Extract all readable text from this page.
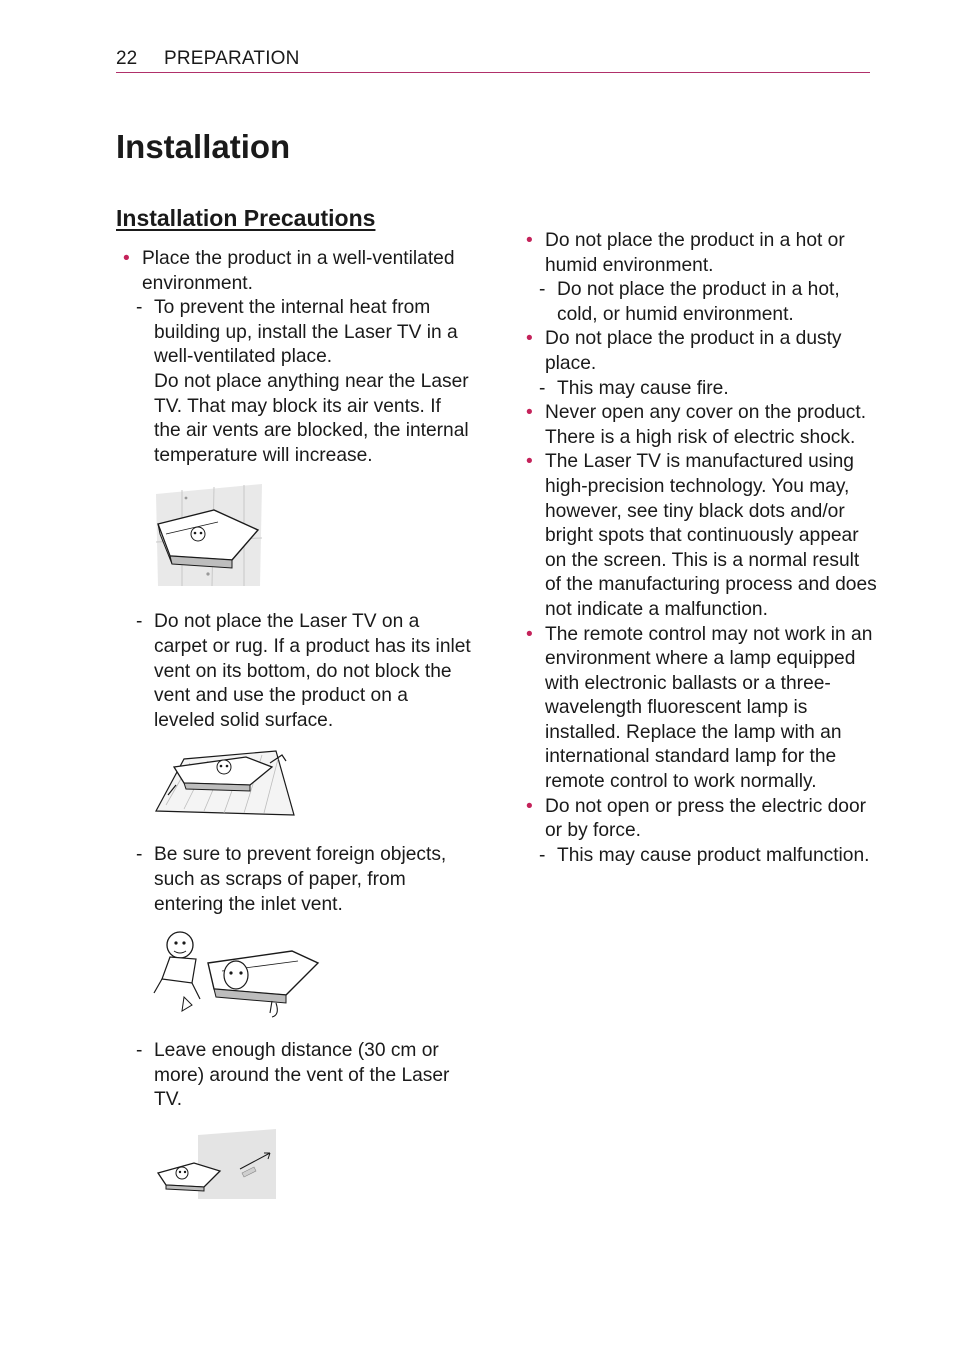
22 PREPARATION
Installation
Installation Precautions

• Place the product in a well-ventilated environment.

- To prevent the internal heat from building up, install the Laser TV in a well-ventilated place.

Do not place anything near the Laser TV. That may block its air vents. If the air vents are blocked, the internal temperature will increase.

- Do not place the Laser TV on a carpet or rug. If a product has its inlet vent on its bottom, do not block the vent and use the product on a leveled solid surface.

- Be sure to prevent foreign objects, such as scraps of paper, from entering the inlet vent.

- Leave enough distance (30 cm or more) around the vent of the Laser TV.

• Do not place the product in a hot or humid environment.

- Do not place the product in a hot, cold, or humid environment.

• Do not place the product in a dusty place.

- This may cause fire.

• Never open any cover on the product. There is a high risk of electric shock.

• The Laser TV is manufactured using high-precision technology. You may, however, see tiny black dots and/or bright spots that continuously appear on the screen. This is a normal result of the manufacturing process and does not indicate a malfunction.

• The remote control may not work in an environment where a lamp equipped with electronic ballasts or a three-wavelength fluorescent lamp is installed. Replace the lamp with an international standard lamp for the remote control to work normally.

• Do not open or press the electric door or by force.

- This may cause product malfunction.
